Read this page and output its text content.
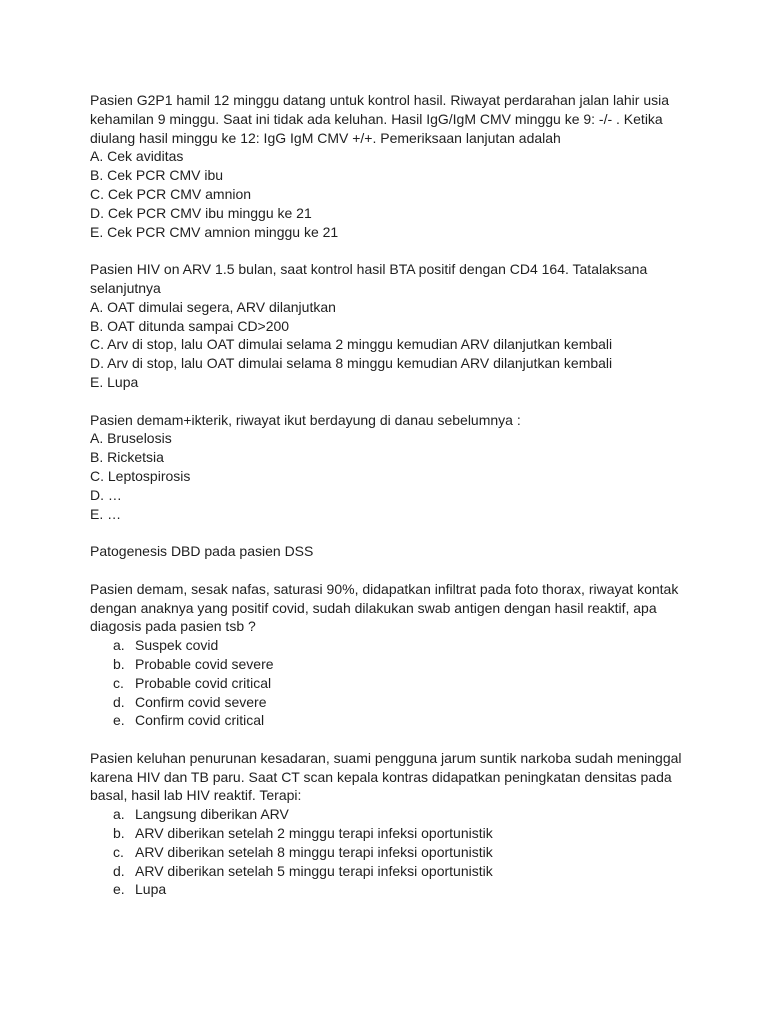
Pasien G2P1 hamil 12 minggu datang untuk kontrol hasil. Riwayat perdarahan jalan lahir usia
kehamilan 9 minggu. Saat ini tidak ada keluhan. Hasil IgG/IgM CMV minggu ke 9: -/- . Ketika
diulang hasil minggu ke 12: IgG IgM CMV +/+. Pemeriksaan lanjutan adalah
A. Cek aviditas
B. Cek PCR CMV ibu
C. Cek PCR CMV amnion
D. Cek PCR CMV ibu minggu ke 21
E. Cek PCR CMV amnion minggu ke 21
Pasien HIV on ARV 1.5 bulan, saat kontrol hasil BTA positif dengan CD4 164. Tatalaksana
selanjutnya
A. OAT dimulai segera, ARV dilanjutkan
B. OAT ditunda sampai CD>200
C. Arv di stop, lalu OAT dimulai selama 2 minggu kemudian ARV dilanjutkan kembali
D. Arv di stop, lalu OAT dimulai selama 8 minggu kemudian ARV dilanjutkan kembali
E. Lupa
Pasien demam+ikterik, riwayat ikut berdayung di danau sebelumnya :
A. Bruselosis
B. Ricketsia
C. Leptospirosis
D. …
E. …
Patogenesis DBD pada pasien DSS
Pasien demam, sesak nafas, saturasi 90%, didapatkan infiltrat pada foto thorax, riwayat kontak
dengan anaknya yang positif covid, sudah dilakukan swab antigen dengan hasil reaktif, apa
diagosis pada pasien tsb ?
a. Suspek covid

b. Probable covid severe

c. Probable covid critical

d. Confirm covid severe

e. Confirm covid critical

Pasien keluhan penurunan kesadaran, suami pengguna jarum suntik narkoba sudah meninggal
karena HIV dan TB paru. Saat CT scan kepala kontras didapatkan peningkatan densitas pada
basal, hasil lab HIV reaktif. Terapi:
a. Langsung diberikan ARV

b. ARV diberikan setelah 2 minggu terapi infeksi oportunistik

c. ARV diberikan setelah 8 minggu terapi infeksi oportunistik

d. ARV diberikan setelah 5 minggu terapi infeksi oportunistik

e. Lupa
